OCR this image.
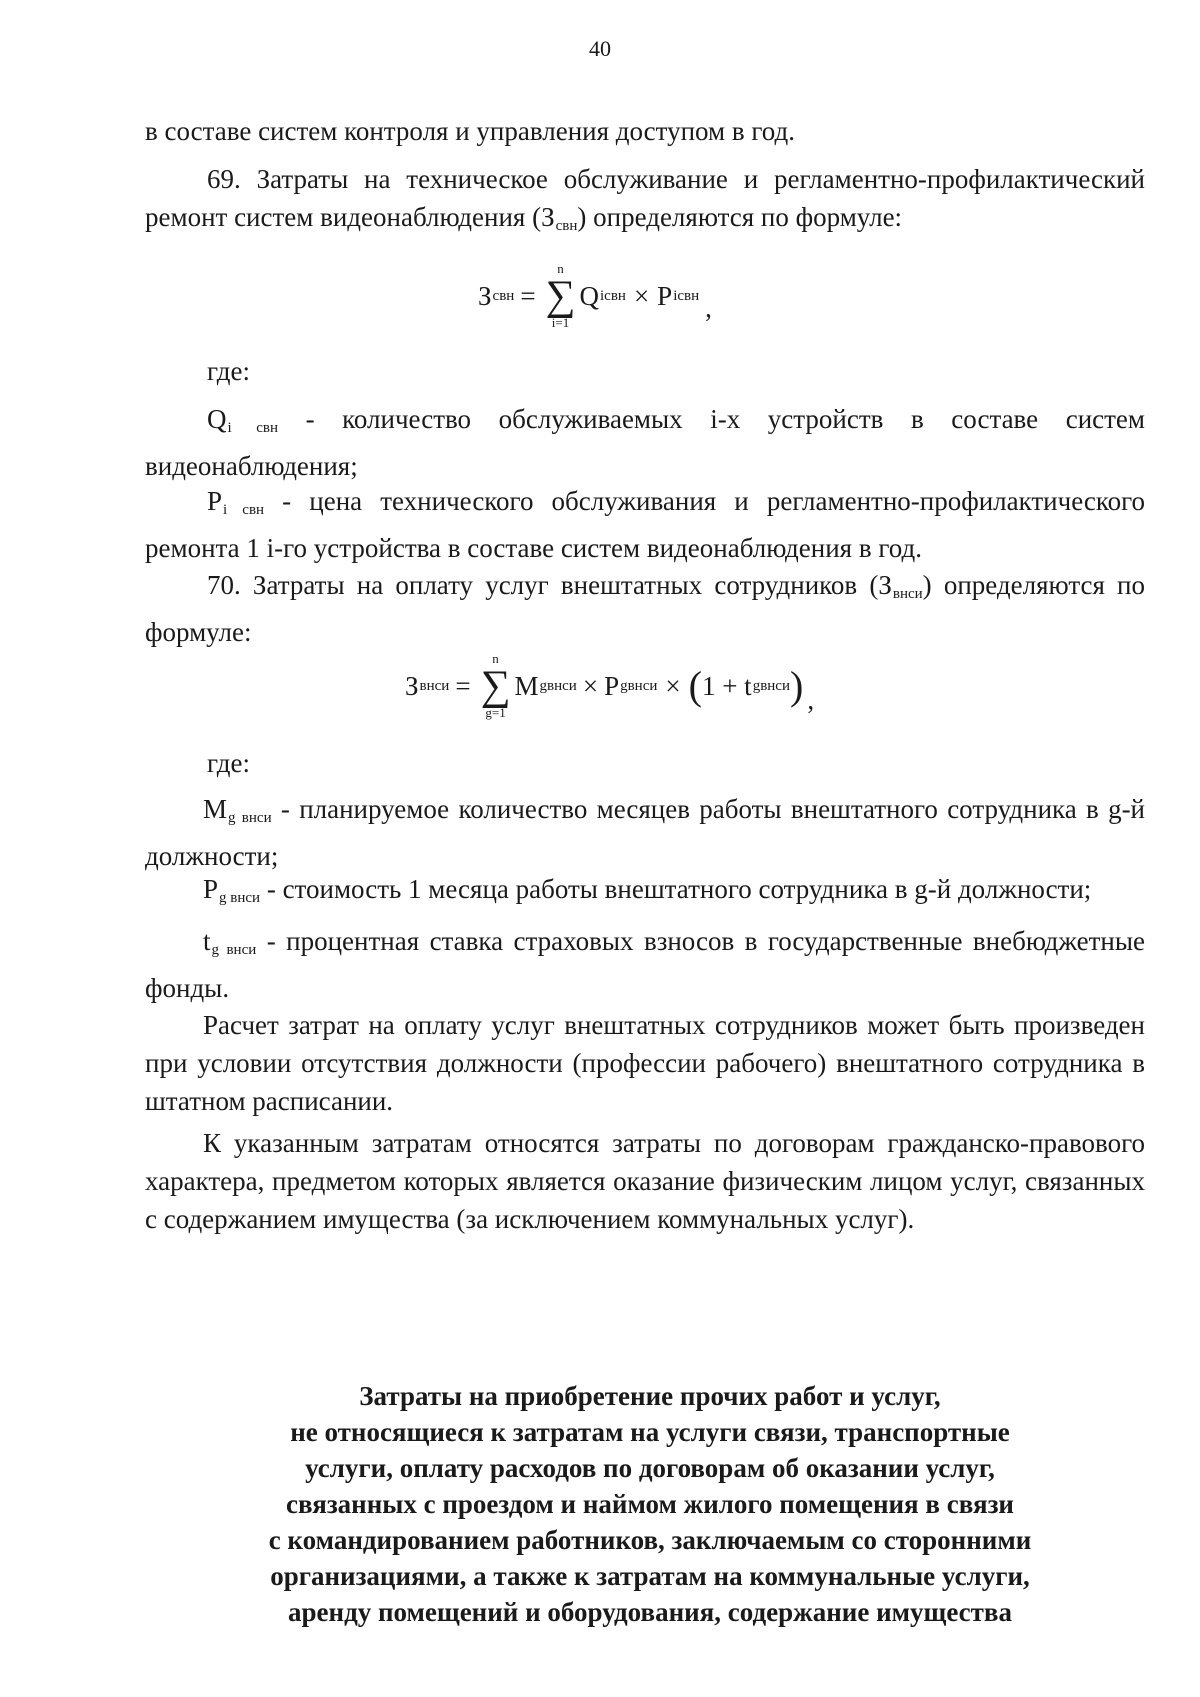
40
в составе систем контроля и управления доступом в год.
69. Затраты на техническое обслуживание и регламентно-профилактический ремонт систем видеонаблюдения $(З_{свн})$ определяются по формуле:
З свн =
n
∑
i=1
Q iсвн × P iсвн ,
где:
$Q_{i свн}$ - количество обслуживаемых i-х устройств в составе систем видеонаблюдения;
$P_{i свн}$ - цена технического обслуживания и регламентно-профилактического ремонта 1 i-го устройства в составе систем видеонаблюдения в год.
70. Затраты на оплату услуг внештатных сотрудников $(З_{внси})$ определяются по формуле:
З внси =
n
∑
g=1
M gвнси × P gвнси × ( 1 + t gвнси ) ,
где:
$M_{g внси}$ - планируемое количество месяцев работы внештатного сотрудника в g-й должности;
$P_{g внси}$ - стоимость 1 месяца работы внештатного сотрудника в g-й должности;
$t_{g внси}$ - процентная ставка страховых взносов в государственные внебюджетные фонды.
Расчет затрат на оплату услуг внештатных сотрудников может быть произведен при условии отсутствия должности (профессии рабочего) внештатного сотрудника в штатном расписании.
К указанным затратам относятся затраты по договорам гражданско-правового характера, предметом которых является оказание физическим лицом услуг, связанных с содержанием имущества (за исключением коммунальных услуг).
Затраты на приобретение прочих работ и услуг,
не относящиеся к затратам на услуги связи, транспортные
услуги, оплату расходов по договорам об оказании услуг,
связанных с проездом и наймом жилого помещения в связи
с командированием работников, заключаемым со сторонними
организациями, а также к затратам на коммунальные услуги,
аренду помещений и оборудования, содержание имущества
